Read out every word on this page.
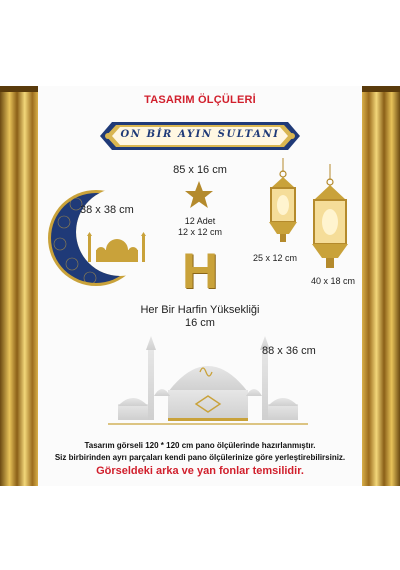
TASARIM ÖLÇÜLERİ
ON BİR AYIN SULTANI
85 x 16 cm
38 x 38 cm
12 Adet
12 x 12 cm
25 x 12 cm
40 x 18 cm
H
Her Bir Harfin Yüksekliği
16 cm
88 x 36 cm
Tasarım görseli 120 * 120 cm pano ölçülerinde hazırlanmıştır.
Siz birbirinden ayrı parçaları kendi pano ölçülerinize göre yerleştirebilirsiniz.
Görseldeki arka ve yan fonlar temsilidir.
